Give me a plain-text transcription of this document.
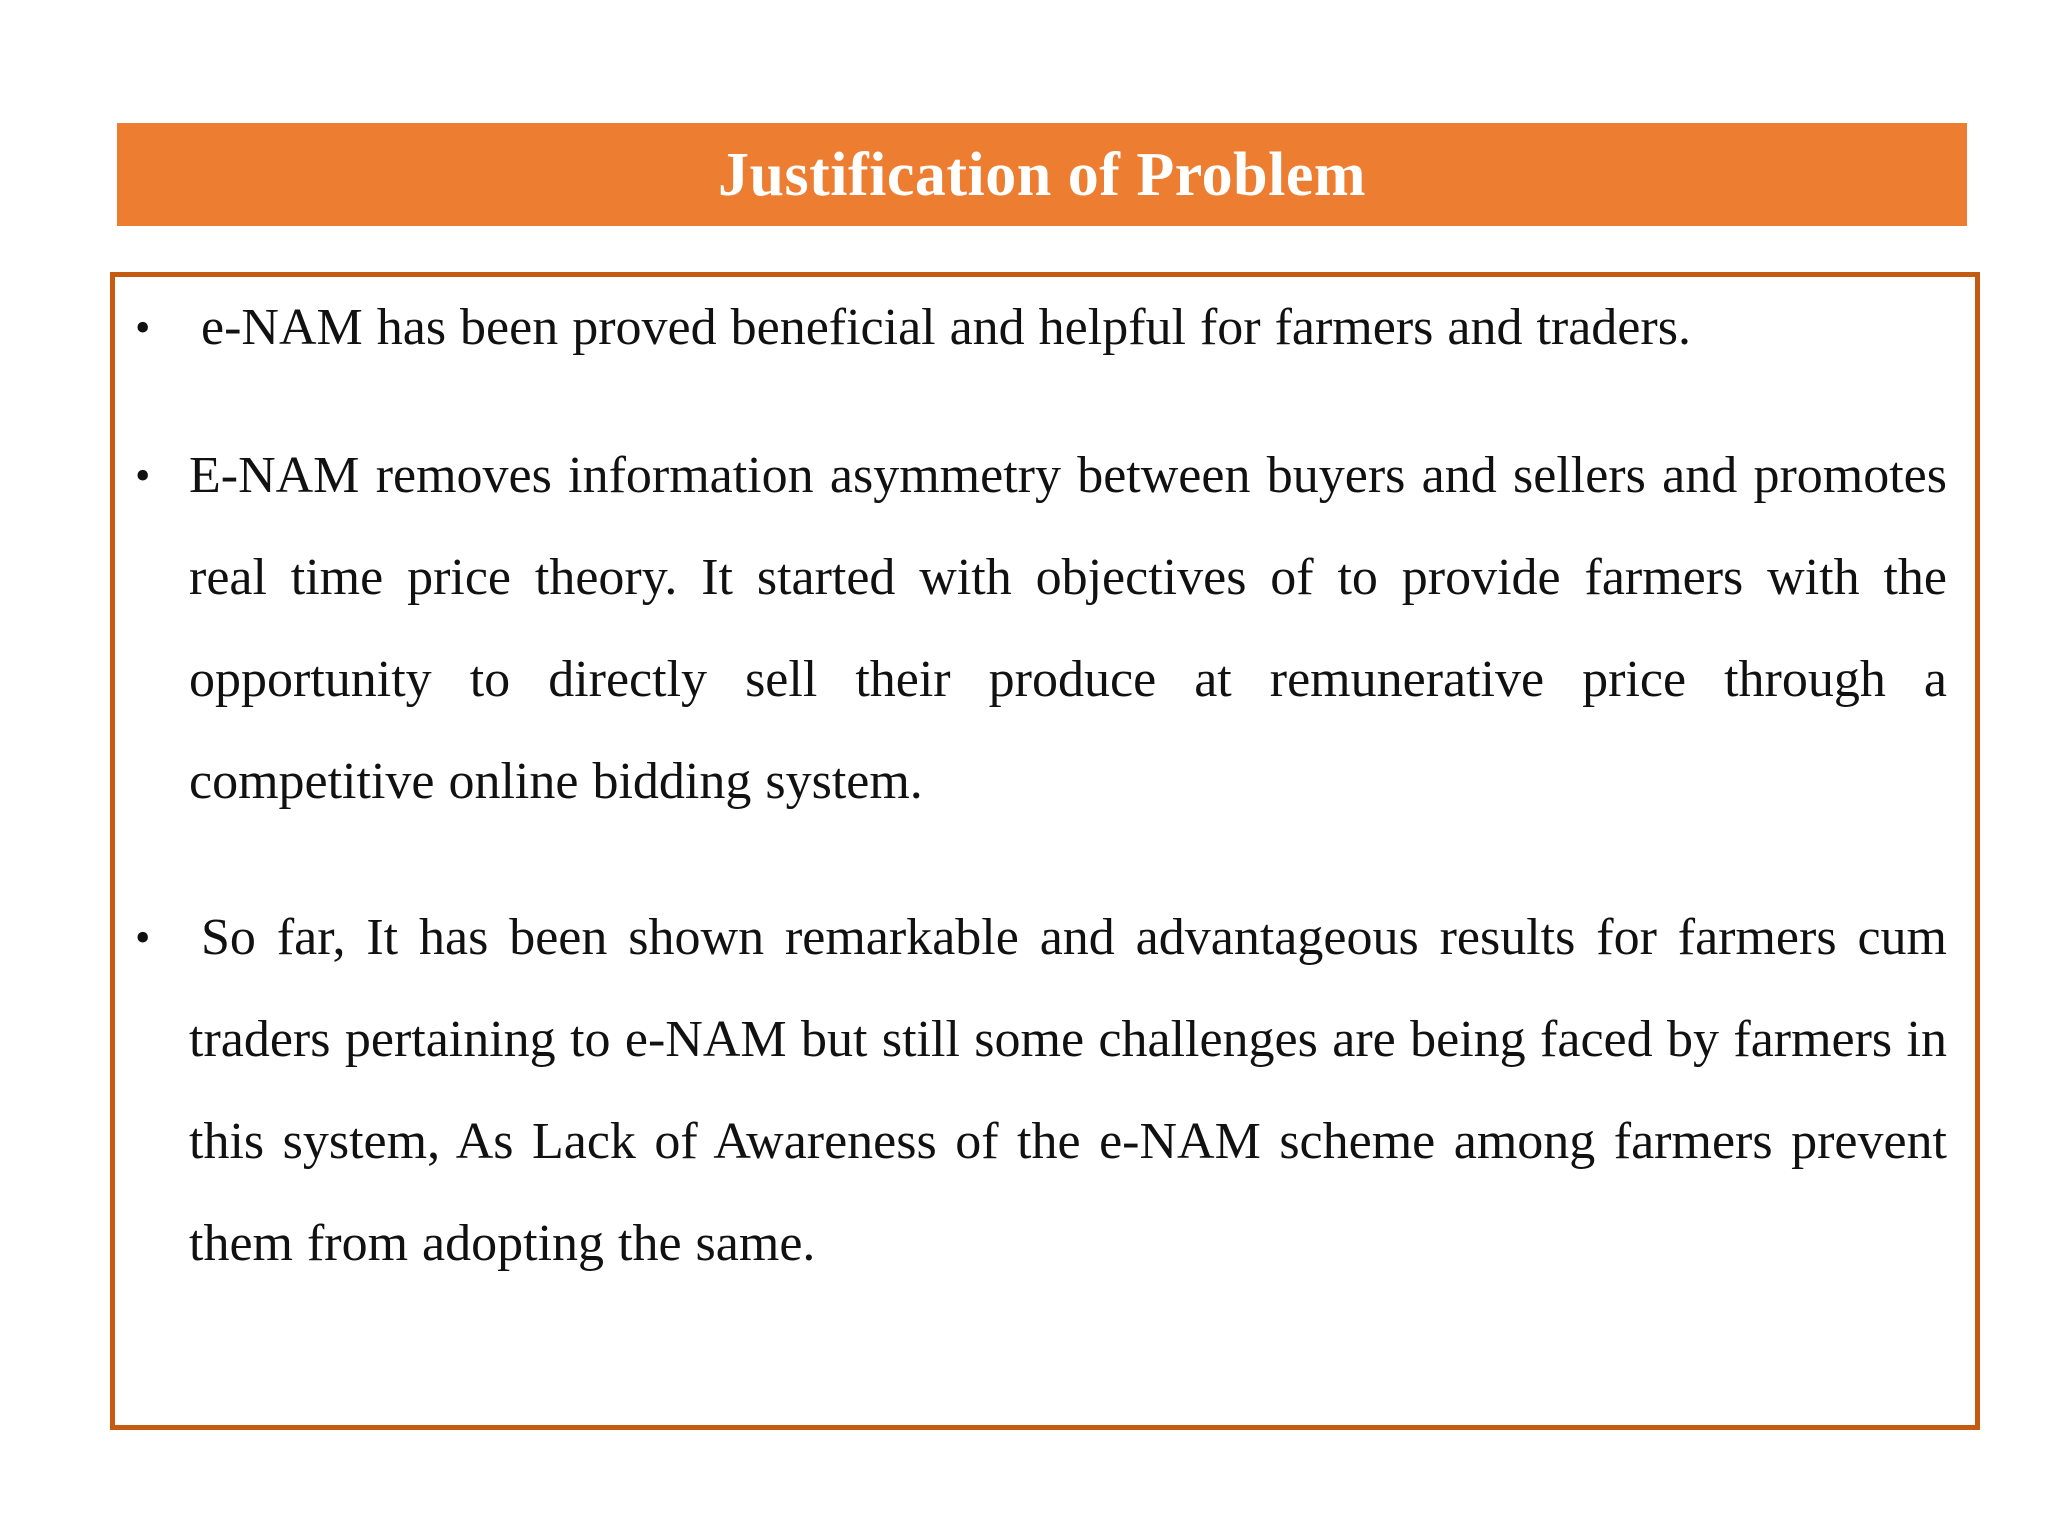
Justification of Problem
• e-NAM has been proved beneficial and helpful for farmers and traders.
• E-NAM removes information asymmetry between buyers and sellers and promotes real time price theory. It started with objectives of to provide farmers with the opportunity to directly sell their produce at remunerative price through a competitive online bidding system.
• So far, It has been shown remarkable and advantageous results for farmers cum traders pertaining to e-NAM but still some challenges are being faced by farmers in this system, As Lack of Awareness of the e-NAM scheme among farmers prevent them from adopting the same.
